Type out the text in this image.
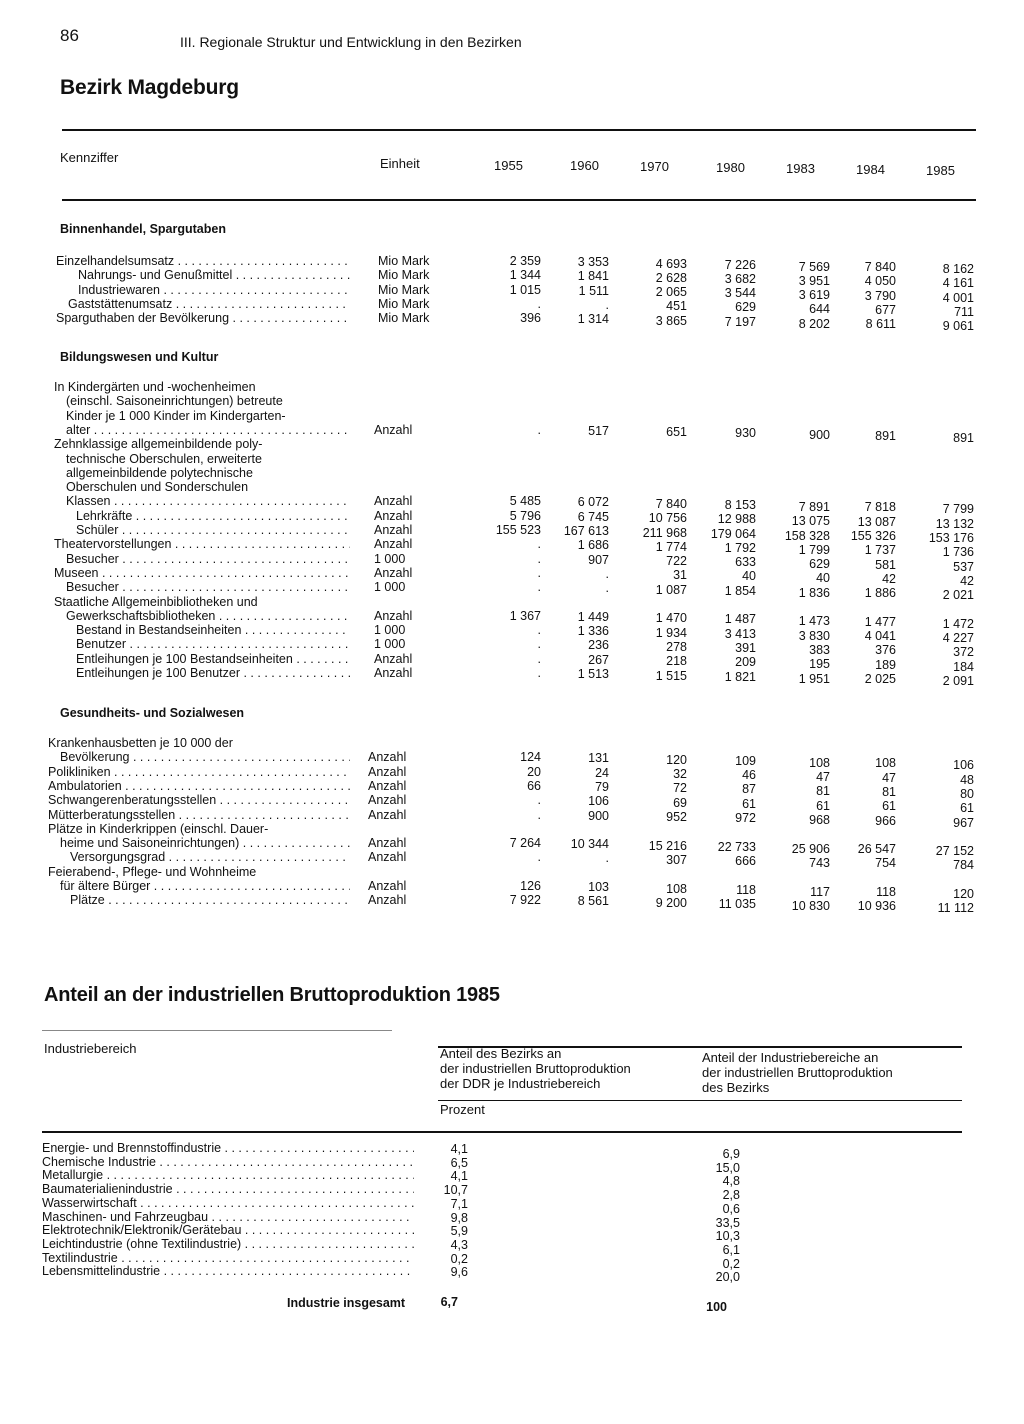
86	III. Regionale Struktur und Entwicklung in den Bezirken
Bezirk Magdeburg
Kennziffer	Einheit	1955	1960	1970	1980	1983	1984	1985
Binnenhandel, Spargutaben
Einzelhandelsumsatz . . .	Mio Mark	2 359	3 353	4 693	7 226	7 569	7 840	8 162
Nahrungs- und Genußmittel . . .	Mio Mark	1 344	1 841	2 628	3 682	3 951	4 050	4 161
Industriewaren . . .	Mio Mark	1 015	1 511	2 065	3 544	3 619	3 790	4 001
Gaststättenumsatz . . .	Mio Mark	.	.	451	629	644	677	711
Sparguthaben der Bevölkerung . . .	Mio Mark	396	1 314	3 865	7 197	8 202	8 611	9 061
Bildungswesen und Kultur
In Kindergärten und -wochenheimen
(einschl. Saisoneinrichtungen) betreute
Kinder je 1 000 Kinder im Kindergarten-
alter . . .	Anzahl	.	517	651	930	900	891	891
Zehnklassige allgemeinbildende poly-
technische Oberschulen, erweiterte
allgemeinbildende polytechnische
Oberschulen und Sonderschulen
Klassen . . .	Anzahl	5 485	6 072	7 840	8 153	7 891	7 818	7 799
Lehrkräfte . . .	Anzahl	5 796	6 745	10 756	12 988	13 075	13 087	13 132
Schüler . . .	Anzahl	155 523	167 613	211 968	179 064	158 328	155 326	153 176
Theatervorstellungen . . .	Anzahl	.	1 686	1 774	1 792	1 799	1 737	1 736
Besucher . . .	1 000	.	907	722	633	629	581	537
Museen . . .	Anzahl	.	.	31	40	40	42	42
Besucher . . .	1 000	.	.	1 087	1 854	1 836	1 886	2 021
Staatliche Allgemeinbibliotheken und
Gewerkschaftsbibliotheken . . .	Anzahl	1 367	1 449	1 470	1 487	1 473	1 477	1 472
Bestand in Bestandseinheiten . . .	1 000	.	1 336	1 934	3 413	3 830	4 041	4 227
Benutzer . . .	1 000	.	236	278	391	383	376	372
Entleihungen je 100 Bestandseinheiten . . .	Anzahl	.	267	218	209	195	189	184
Entleihungen je 100 Benutzer . . .	Anzahl	.	1 513	1 515	1 821	1 951	2 025	2 091
Gesundheits- und Sozialwesen
Krankenhausbetten je 10 000 der
Bevölkerung . . .	Anzahl	124	131	120	109	108	108	106
Polikliniken . . .	Anzahl	20	24	32	46	47	47	48
Ambulatorien . . .	Anzahl	66	79	72	87	81	81	80
Schwangerenberatungsstellen . . .	Anzahl	.	106	69	61	61	61	61
Mütterberatungsstellen . . .	Anzahl	.	900	952	972	968	966	967
Plätze in Kinderkrippen (einschl. Dauer-
heime und Saisoneinrichtungen) . . .	Anzahl	7 264	10 344	15 216	22 733	25 906	26 547	27 152
Versorgungsgrad . . .	Anzahl	.	.	307	666	743	754	784
Feierabend-, Pflege- und Wohnheime
für ältere Bürger . . .	Anzahl	126	103	108	118	117	118	120
Plätze . . .	Anzahl	7 922	8 561	9 200	11 035	10 830	10 936	11 112
Anteil an der industriellen Bruttoproduktion 1985
Industriebereich	Anteil des Bezirks an
der industriellen Bruttoproduktion
der DDR je Industriebereich
Anteil der Industriebereiche an
der industriellen Bruttoproduktion
des Bezirks
Prozent
Energie- und Brennstoffindustrie . . .	4,1	6,9
Chemische Industrie . . .	6,5	15,0
Metallurgie . . .	4,1	4,8
Baumaterialienindustrie . . .	10,7	2,8
Wasserwirtschaft . . .	7,1	0,6
Maschinen- und Fahrzeugbau . . .	9,8	33,5
Elektrotechnik/Elektronik/Gerätebau . . .	5,9	10,3
Leichtindustrie (ohne Textilindustrie) . . .	4,3	6,1
Textilindustrie . . .	0,2	0,2
Lebensmittelindustrie . . .	9,6	20,0
Industrie insgesamt	6,7	100
